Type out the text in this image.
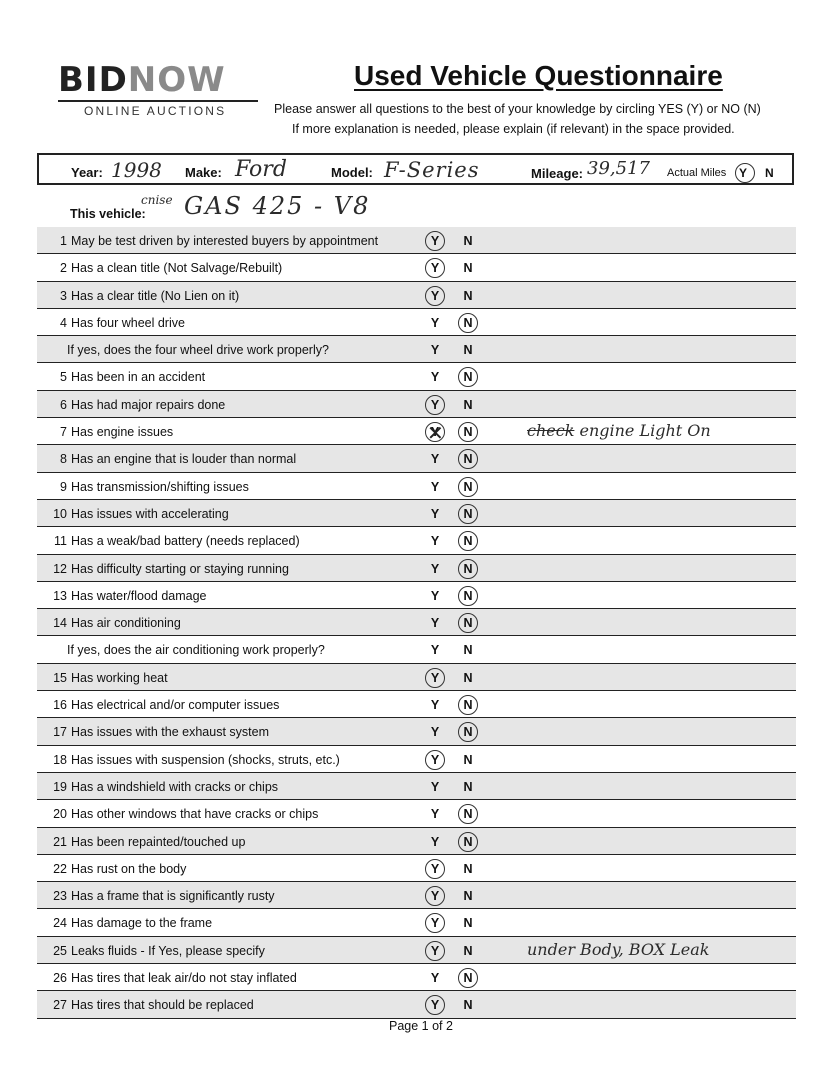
BIDNOW
ONLINE AUCTIONS
Used Vehicle Questionnaire
Please answer all questions to the best of your knowledge by circling YES (Y) or NO (N)
If more explanation is needed, please explain (if relevant) in the space provided.
Year: 1998 Make: Ford	Model: F-Series	Mileage: 39,517 Actual Miles Y N
cnise
This vehicle: GAS 425 - V8
1 May be test driven by interested buyers by appointment	Y	N
2 Has a clean title (Not Salvage/Rebuilt)	Y	N
3 Has a clear title (No Lien on it)	Y	N
4 Has four wheel drive	Y	N
If yes, does the four wheel drive work properly?	Y	N
5 Has been in an accident	Y	N
6 Has had major repairs done	Y	N
7 Has engine issues
✕	Y	N	check engine Light On
8 Has an engine that is louder than normal	Y	N
9 Has transmission/shifting issues	Y	N
10 Has issues with accelerating	Y	N
11 Has a weak/bad battery (needs replaced)	Y	N
12 Has difficulty starting or staying running	Y	N
13 Has water/flood damage	Y	N
14 Has air conditioning	Y	N
If yes, does the air conditioning work properly?	Y	N
15 Has working heat	Y	N
16 Has electrical and/or computer issues	Y	N
17 Has issues with the exhaust system	Y	N
18 Has issues with suspension (shocks, struts, etc.)	Y	N
19 Has a windshield with cracks or chips	Y	N
20 Has other windows that have cracks or chips	Y	N
21 Has been repainted/touched up	Y	N
22 Has rust on the body	Y	N
23 Has a frame that is significantly rusty	Y	N
24 Has damage to the frame	Y	N
25 Leaks fluids - If Yes, please specify	Y	N	under Body, BOX Leak
26 Has tires that leak air/do not stay inflated	Y	N
27 Has tires that should be replaced	Y	N
Page 1 of 2
